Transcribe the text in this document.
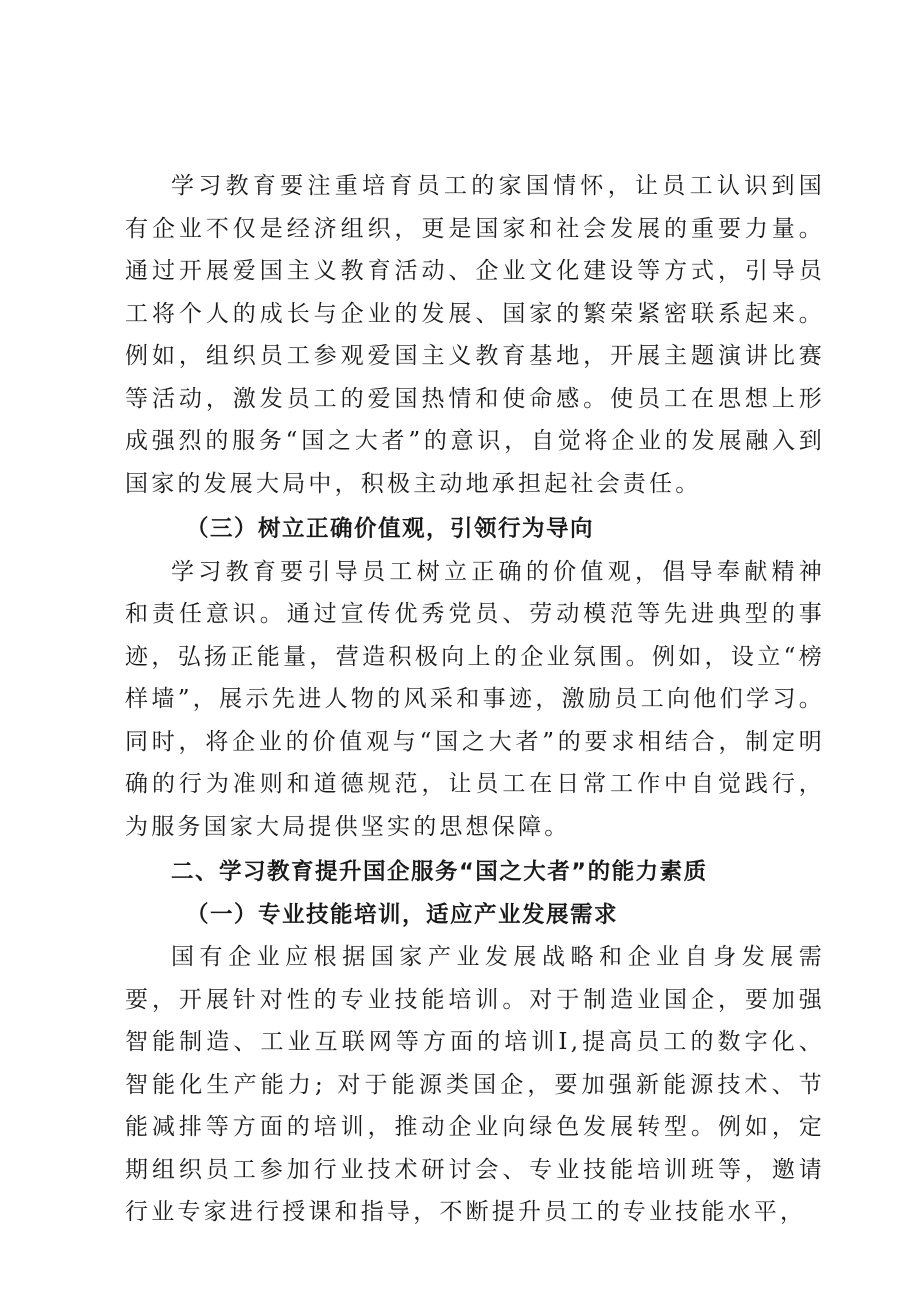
学习教育要注重培育员工的家国情怀，让员工认识到国有企业不仅是经济组织，更是国家和社会发展的重要力量。通过开展爱国主义教育活动、企业文化建设等方式，引导员工将个人的成长与企业的发展、国家的繁荣紧密联系起来。例如，组织员工参观爱国主义教育基地，开展主题演讲比赛等活动，激发员工的爱国热情和使命感。使员工在思想上形成强烈的服务“国之大者”的意识，自觉将企业的发展融入到国家的发展大局中，积极主动地承担起社会责任。

（三）树立正确价值观，引领行为导向

学习教育要引导员工树立正确的价值观，倡导奉献精神和责任意识。通过宣传优秀党员、劳动模范等先进典型的事迹，弘扬正能量，营造积极向上的企业氛围。例如，设立“榜样墙”，展示先进人物的风采和事迹，激励员工向他们学习。同时，将企业的价值观与“国之大者”的要求相结合，制定明确的行为准则和道德规范，让员工在日常工作中自觉践行，为服务国家大局提供坚实的思想保障。

二、学习教育提升国企服务“国之大者”的能力素质

（一）专业技能培训，适应产业发展需求

国有企业应根据国家产业发展战略和企业自身发展需要，开展针对性的专业技能培训。对于制造业国企，要加强智能制造、工业互联网等方面的培训I,提高员工的数字化、智能化生产能力; 对于能源类国企，要加强新能源技术、节能减排等方面的培训，推动企业向绿色发展转型。例如，定期组织员工参加行业技术研讨会、专业技能培训班等，邀请行业专家进行授课和指导，不断提升员工的专业技能水平，
